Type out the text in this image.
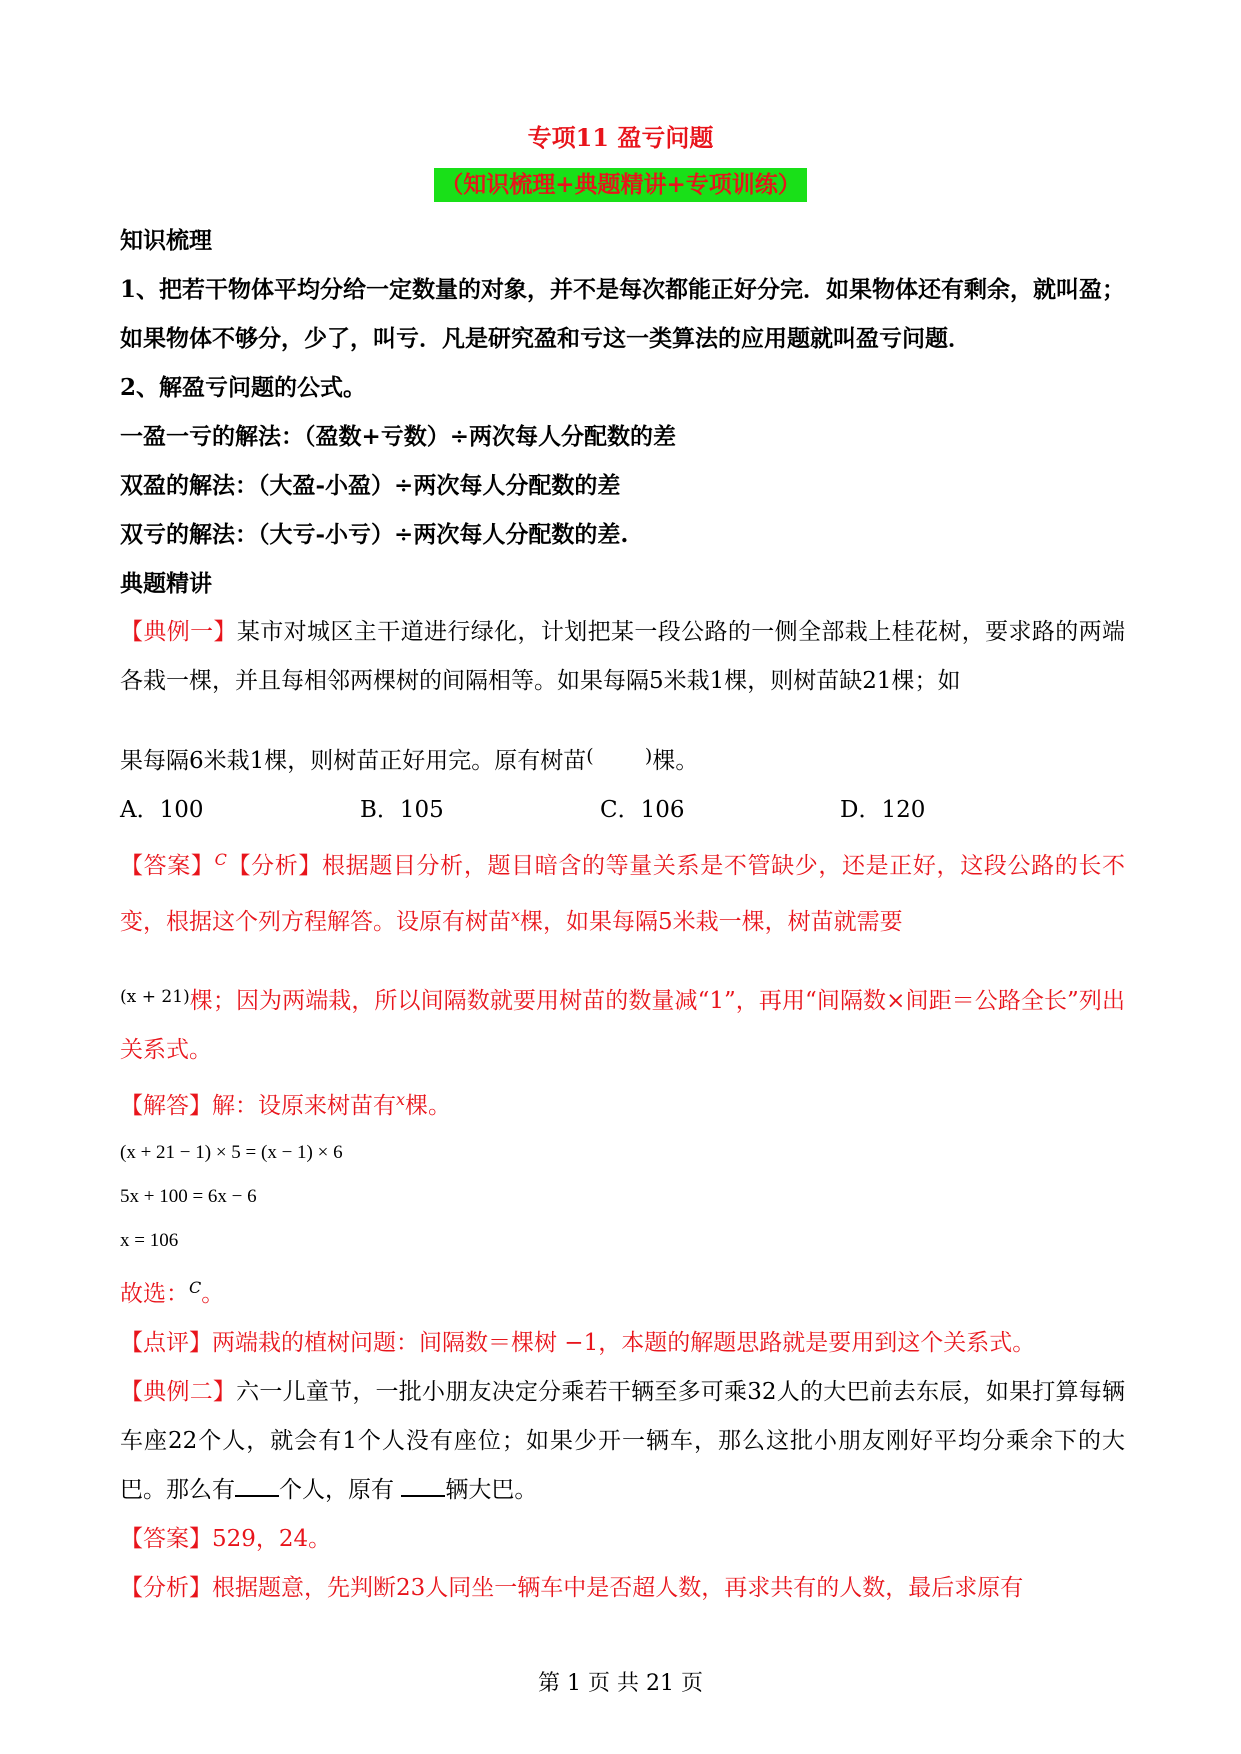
专项11 盈亏问题
（知识梳理+典题精讲+专项训练）

知识梳理

1、把若干物体平均分给一定数量的对象，并不是每次都能正好分完．如果物体还有剩余，就叫盈；如果物体不够分，少了，叫亏．凡是研究盈和亏这一类算法的应用题就叫盈亏问题．

2、解盈亏问题的公式。

一盈一亏的解法：（盈数+亏数）÷两次每人分配数的差

双盈的解法：（大盈-小盈）÷两次每人分配数的差

双亏的解法：（大亏-小亏）÷两次每人分配数的差.

典题精讲

【典例一】某市对城区主干道进行绿化，计划把某一段公路的一侧全部栽上桂花树，要求路的两端各栽一棵，并且每相邻两棵树的间隔相等。如果每隔5米栽1棵，则树苗缺21棵；如

果每隔6米栽1棵，则树苗正好用完。原有树苗(	)棵。

A．100	B．105	C．106	D．120

【答案】$^C$【分析】根据题目分析，题目暗含的等量关系是不管缺少，还是正好，这段公路的长不变，根据这个列方程解答。设原有树苗$^x$棵，如果每隔5米栽一棵，树苗就需要

$^{(x + 21)}$棵；因为两端栽，所以间隔数就要用树苗的数量减“1”，再用“间隔数×间距＝公路全长”列出关系式。

【解答】解：设原来树苗有$^x$棵。

(x + 21 − 1) × 5 = (x − 1) × 6
5x + 100 = 6x − 6
x = 106

故选：$^C$。

【点评】两端栽的植树问题：间隔数＝棵树 −1，本题的解题思路就是要用到这个关系式。

【典例二】六一儿童节，一批小朋友决定分乘若干辆至多可乘32人的大巴前去东辰，如果打算每辆车座22个人，就会有1个人没有座位；如果少开一辆车，那么这批小朋友刚好平均分乘余下的大巴。那么有 个人，原有 辆大巴。

【答案】529，24。

【分析】根据题意，先判断23人同坐一辆车中是否超人数，再求共有的人数，最后求原有

第 1 页 共 21 页
